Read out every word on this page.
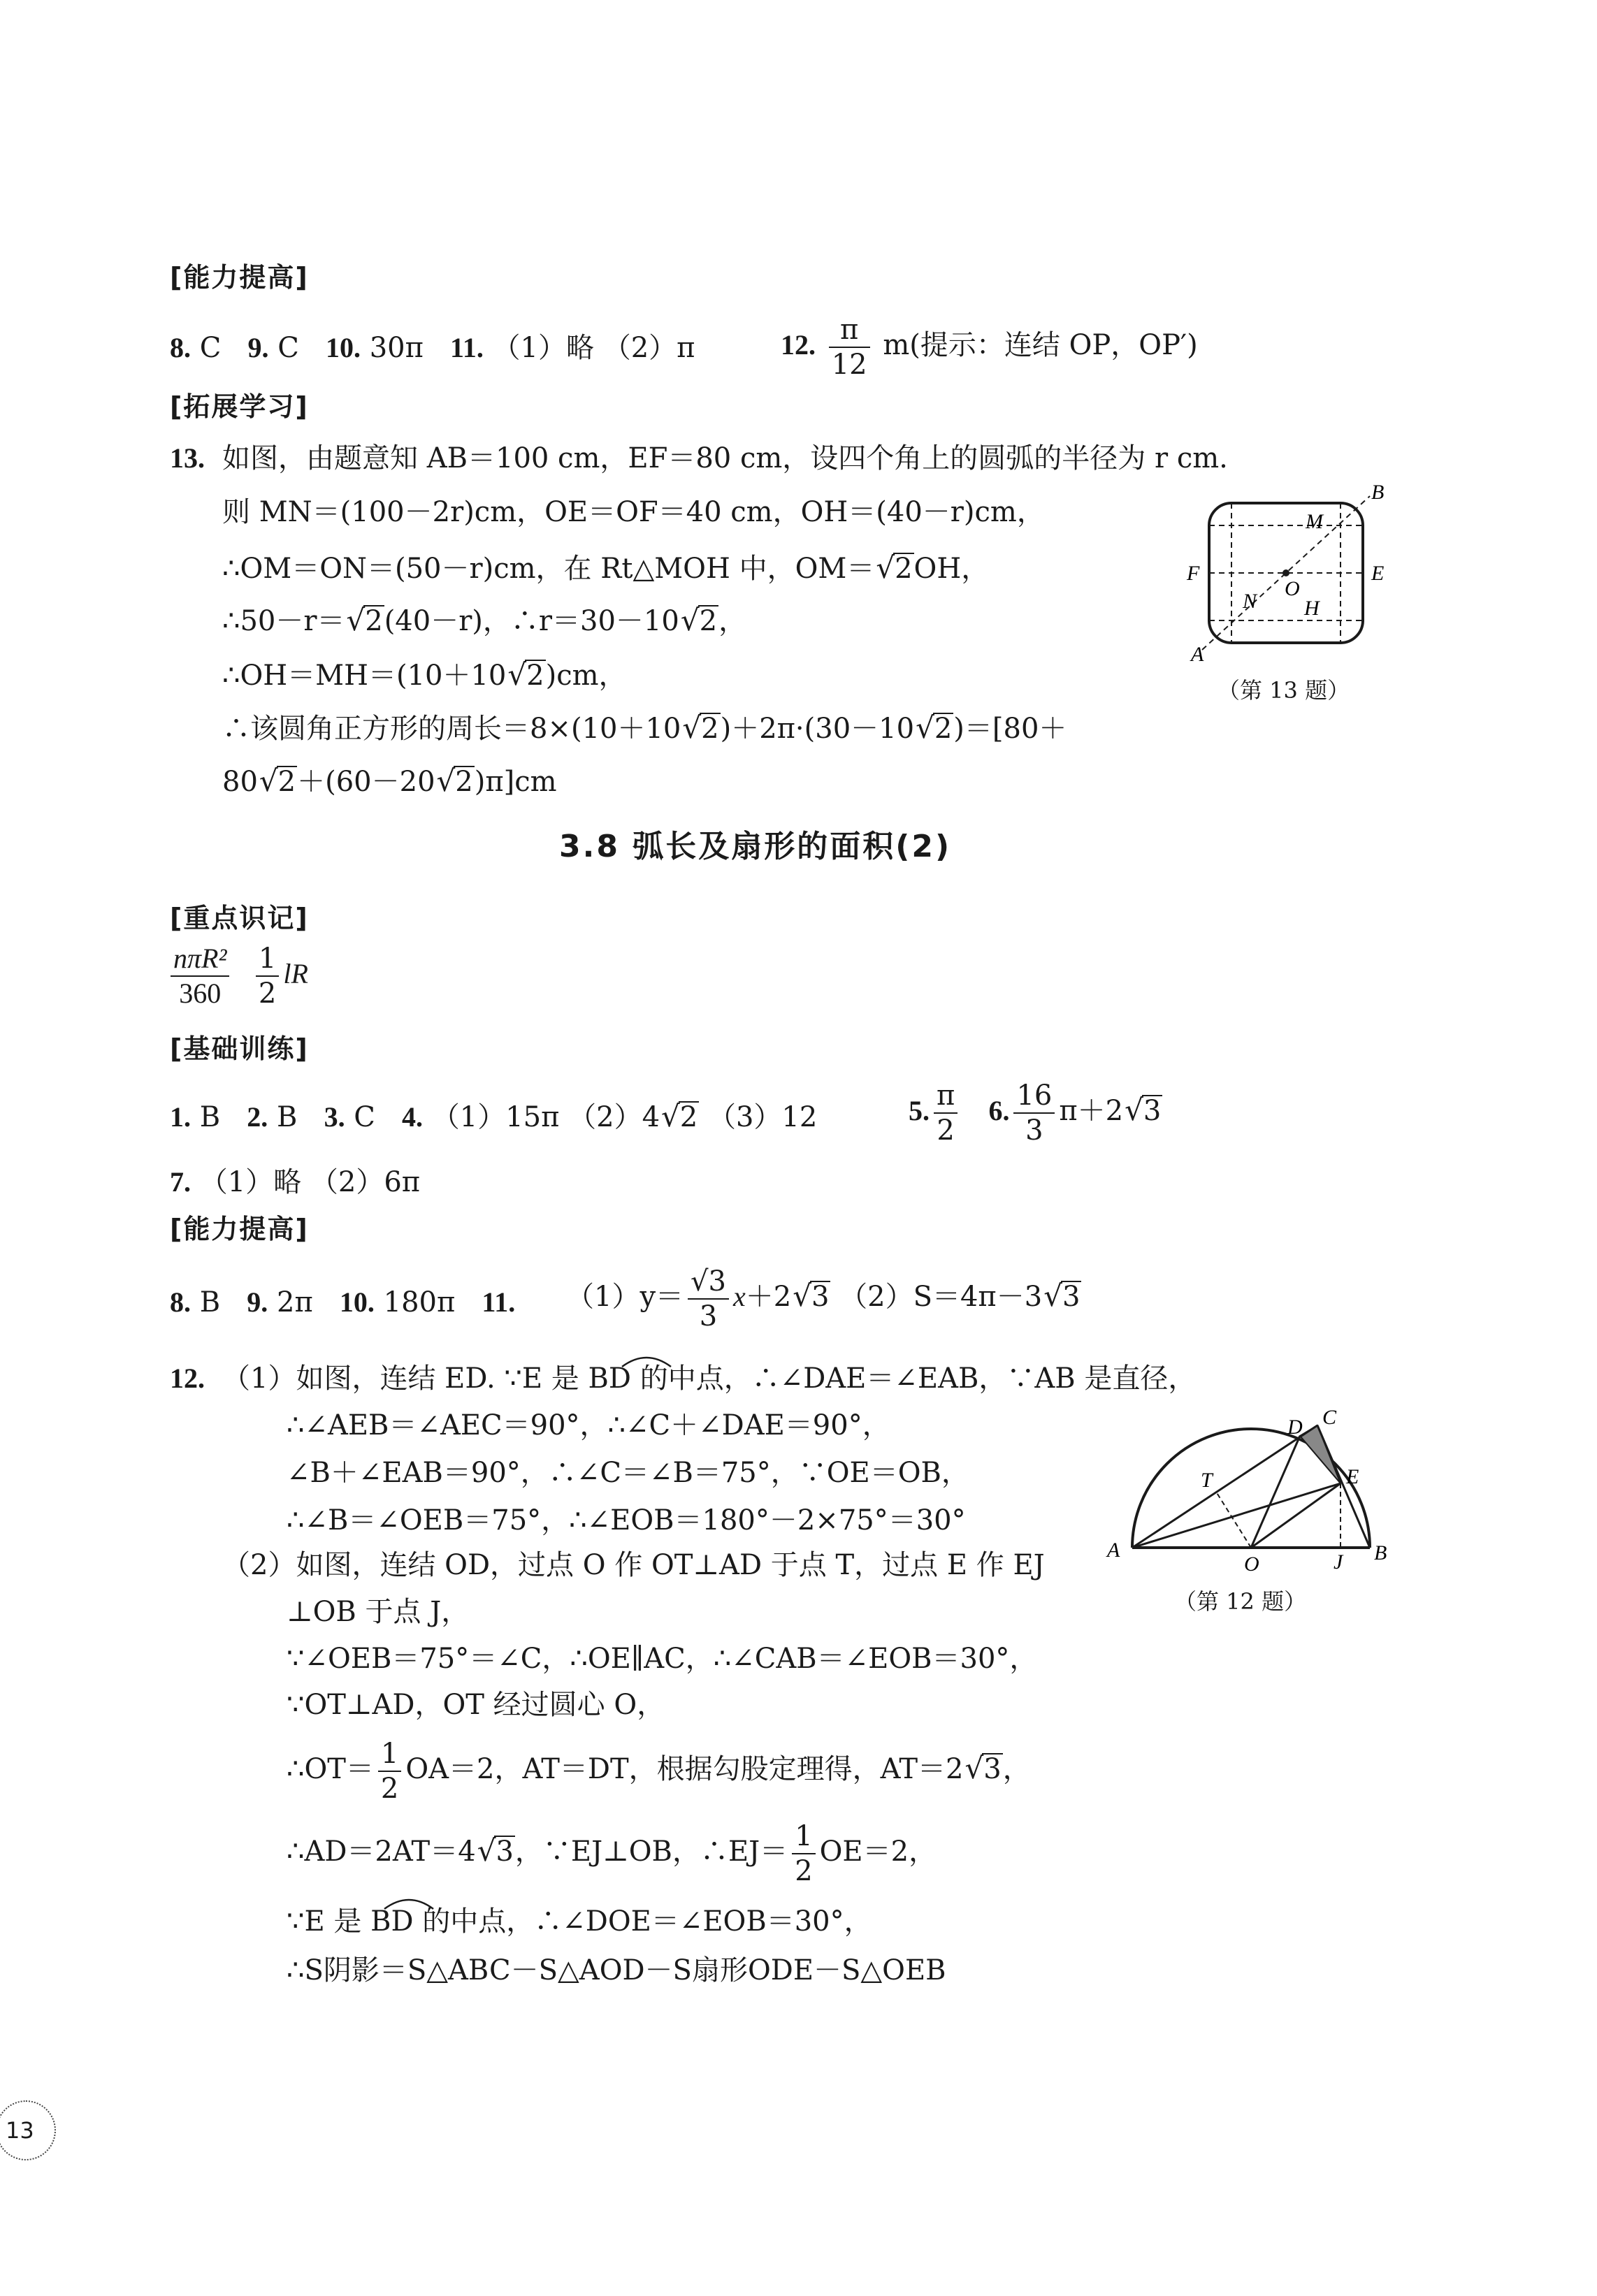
[能力提高]
8. C 9. C 10. 30π 11. （1）略 （2）π	12. $\frac{\pi}{12} m$(提示：连结 OP，OP′)
[拓展学习]
13. 如图，由题意知 AB＝100 cm，EF＝80 cm，设四个角上的圆弧的半径为 r cm.
则 MN＝(100－2r)cm，OE＝OF＝40 cm，OH＝(40－r)cm，
∴OM＝ON＝(50－r)cm，在 Rt△MOH 中，OM＝√2OH，
∴50－r＝√2(40－r)，∴r＝30－10√2，
∴OH＝MH＝(10＋10√2)cm，
∴该圆角正方形的周长＝8×(10＋10√2)＋2π·(30－10√2)＝[80＋
80√2＋(60－20√2)π]cm
B
M
F	E
O
N H
A
（第 13 题）
3.8 弧长及扇形的面积(2)
[重点识记]
$\frac{\text{nπR²}}{360}$
$\frac{1}{2}$ lR
[基础训练]
1. B 2. B 3. C 4. （1）15π （2）4√2 （3）12	5. $\frac{\pi}{2} 6$. $\frac{16}{3} \pi+2√3$
7. （1）略 （2）6π
[能力提高]
8. B 9. 2π 10. 180π 11. $(1)y= \frac{√3}{3} x+2√3$ （2）S＝4π－3√3
12. （1）如图，连结 ED. ∵E 是 BD 的中点，∴∠DAE＝∠EAB，∵AB 是直径，
∴∠AEB＝∠AEC＝90°，∴∠C＋∠DAE＝90°，
∠B＋∠EAB＝90°，∴∠C＝∠B＝75°，∵OE＝OB，
∴∠B＝∠OEB＝75°，∴∠EOB＝180°－2×75°＝30°
（2）如图，连结 OD，过点 O 作 OT⊥AD 于点 T，过点 E 作 EJ
⊥OB 于点 J，
∵∠OEB＝75°＝∠C，∴OE∥AC，∴∠CAB＝∠EOB＝30°，
∵OT⊥AD，OT 经过圆心 O，
∴OT＝ $\frac{1}{2} OA=2$，AT＝DT，根据勾股定理得，AT＝2√3，
∴AD＝2AT＝4√3，∵EJ⊥OB，∴EJ＝ $\frac{1}{2} OE=2$，
∵E 是 BD 的中点，∴∠DOE＝∠EOB＝30°，
∴S阴影＝S△ABC－S△AOD－S扇形ODE－S△OEB
C
D
T	E
A
O	J B
（第 12 题）
13
